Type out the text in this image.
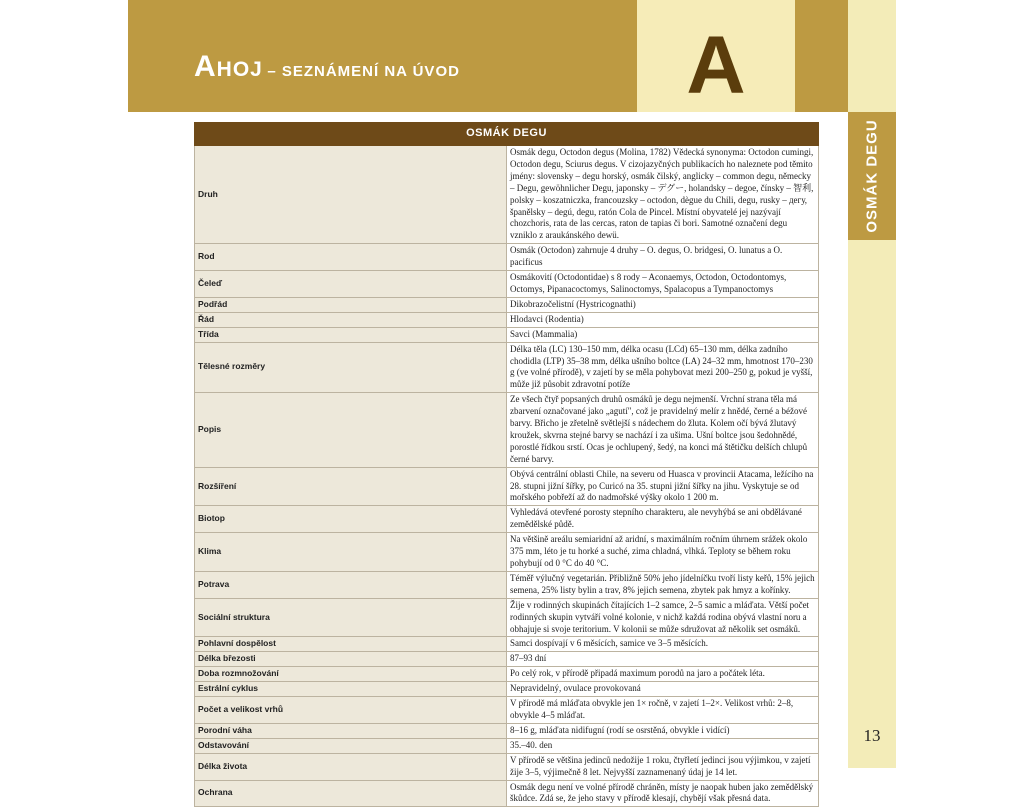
Ahoj – SEZNÁMENÍ NA ÚVOD	A
OSMÁK DEGU
13
OSMÁK DEGU	
Druh	Osmák degu, Octodon degus (Molina, 1782) Vědecká synonyma: Octodon cumingi, Octodon degu, Sciurus degus. V cizojazyčných publikacích ho naleznete pod těmito jmény: slovensky – degu horský, osmák čilský, anglicky – common degu, německy – Degu, gewöhnlicher Degu, japonsky – デグー, holandsky – degoe, čínsky – 智利, polsky – koszatniczka, francouzsky – octodon, dègue du Chili, degu, rusky – дегу, španělsky – degú, degu, ratón Cola de Pincel. Místní obyvatelé jej nazývají chozchoris, rata de las cercas, raton de tapias či bori. Samotné označení degu vzniklo z araukánského dewü.
Rod	Osmák (Octodon) zahrnuje 4 druhy – O. degus, O. bridgesi, O. lunatus a O. pacificus
Čeleď	Osmákovití (Octodontidae) s 8 rody – Aconaemys, Octodon, Octodontomys, Octomys, Pipanacoctomys, Salinoctomys, Spalacopus a Tympanoctomys
Podřád	Dikobrazočelistní (Hystricognathi)
Řád	Hlodavci (Rodentia)
Třída	Savci (Mammalia)
Tělesné rozměry	Délka těla (LC) 130–150 mm, délka ocasu (LCd) 65–130 mm, délka zadního chodidla (LTP) 35–38 mm, délka ušního boltce (LA) 24–32 mm, hmotnost 170–230 g (ve volné přírodě), v zajetí by se měla pohybovat mezi 200–250 g, pokud je vyšší, může již působit zdravotní potíže
Popis	Ze všech čtyř popsaných druhů osmáků je degu nejmenší. Vrchní strana těla má zbarvení označované jako „agutí", což je pravidelný melír z hnědé, černé a béžové barvy. Břicho je zřetelně světlejší s nádechem do žluta. Kolem očí bývá žlutavý kroužek, skvrna stejné barvy se nachází i za ušima. Ušní boltce jsou šedohnědé, porostlé řídkou srstí. Ocas je ochlupený, šedý, na konci má štětičku delších chlupů černé barvy.
Rozšíření	Obývá centrální oblasti Chile, na severu od Huasca v provincii Atacama, ležícího na 28. stupni jižní šířky, po Curicó na 35. stupni jižní šířky na jihu. Vyskytuje se od mořského pobřeží až do nadmořské výšky okolo 1 200 m.
Biotop	Vyhledává otevřené porosty stepního charakteru, ale nevyhýbá se ani obdělávané zemědělské půdě.
Klima	Na většině areálu semiaridní až aridní, s maximálním ročním úhrnem srážek okolo 375 mm, léto je tu horké a suché, zima chladná, vlhká. Teploty se během roku pohybují od 0 °C do 40 °C.
Potrava	Téměř výlučný vegetarián. Přibližně 50% jeho jídelníčku tvoří listy keřů, 15% jejich semena, 25% listy bylin a trav, 8% jejich semena, zbytek pak hmyz a kořínky.
Sociální struktura	Žije v rodinných skupinách čítajících 1–2 samce, 2–5 samic a mláďata. Větší počet rodinných skupin vytváří volné kolonie, v nichž každá rodina obývá vlastní noru a obhajuje si svoje teritorium. V kolonii se může sdružovat až několik set osmáků.
Pohlavní dospělost	Samci dospívají v 6 měsících, samice ve 3–5 měsících.
Délka březosti	87–93 dní
Doba rozmnožování	Po celý rok, v přírodě připadá maximum porodů na jaro a počátek léta.
Estrální cyklus	Nepravidelný, ovulace provokovaná
Počet a velikost vrhů	V přírodě má mláďata obvykle jen 1× ročně, v zajetí 1–2×. Velikost vrhů: 2–8, obvykle 4–5 mláďat.
Porodní váha	8–16 g, mláďata nidifugní (rodí se osrstěná, obvykle i vidící)
Odstavování	35.–40. den
Délka života	V přírodě se většina jedinců nedožije 1 roku, čtyřletí jedinci jsou výjimkou, v zajetí žije 3–5, výjimečně 8 let. Nejvyšší zaznamenaný údaj je 14 let.
Ochrana	Osmák degu není ve volné přírodě chráněn, místy je naopak huben jako zemědělský škůdce. Zdá se, že jeho stavy v přírodě klesají, chybějí však přesná data.
